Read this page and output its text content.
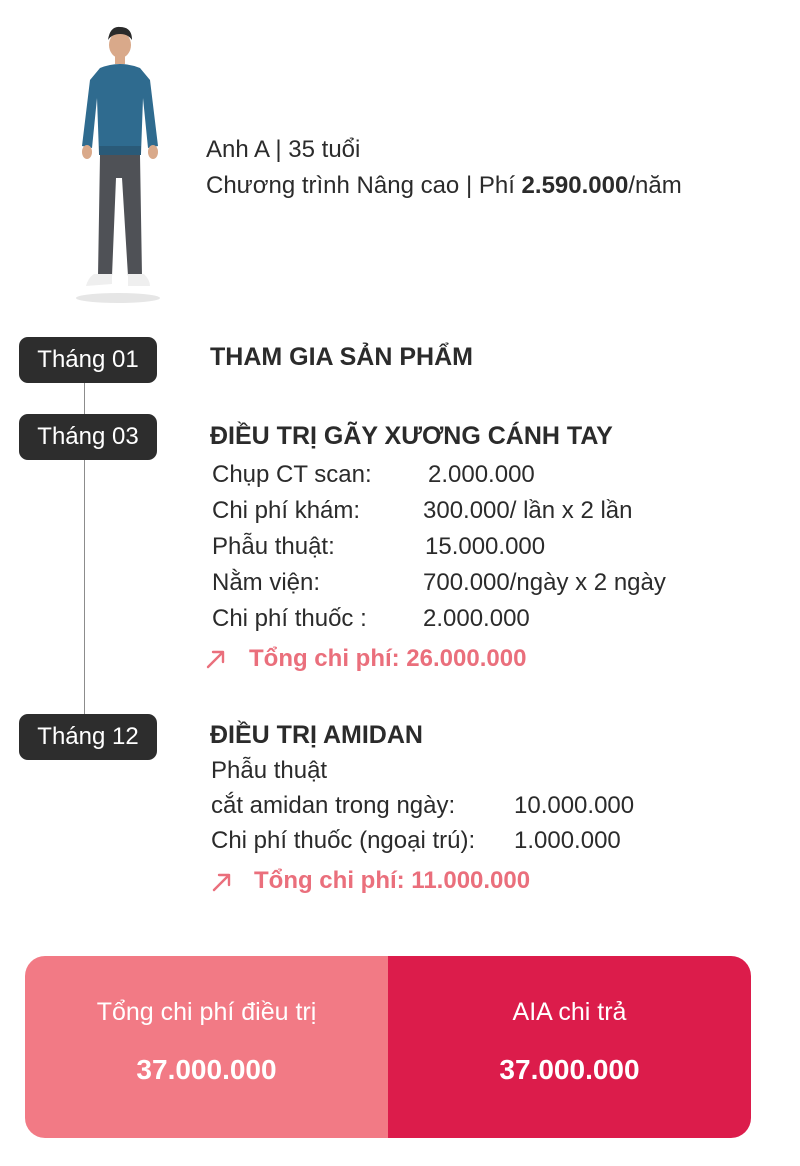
Anh A | 35 tuổi
Chương trình Nâng cao | Phí 2.590.000/năm
Tháng 01	THAM GIA SẢN PHẨM
Tháng 03	ĐIỀU TRỊ GÃY XƯƠNG CÁNH TAY
Chụp CT scan: 2.000.000
Chi phí khám:	300.000/ lần x 2 lần
Phẫu thuật:	15.000.000
Nằm viện:	700.000/ngày x 2 ngày
Chi phí thuốc : 2.000.000
Tổng chi phí: 26.000.000
Tháng 12	ĐIỀU TRỊ AMIDAN
Phẫu thuật
cắt amidan trong ngày: 10.000.000
Chi phí thuốc (ngoại trú): 1.000.000
Tổng chi phí: 11.000.000
Tổng chi phí điều trị
37.000.000
AIA chi trả
37.000.000
